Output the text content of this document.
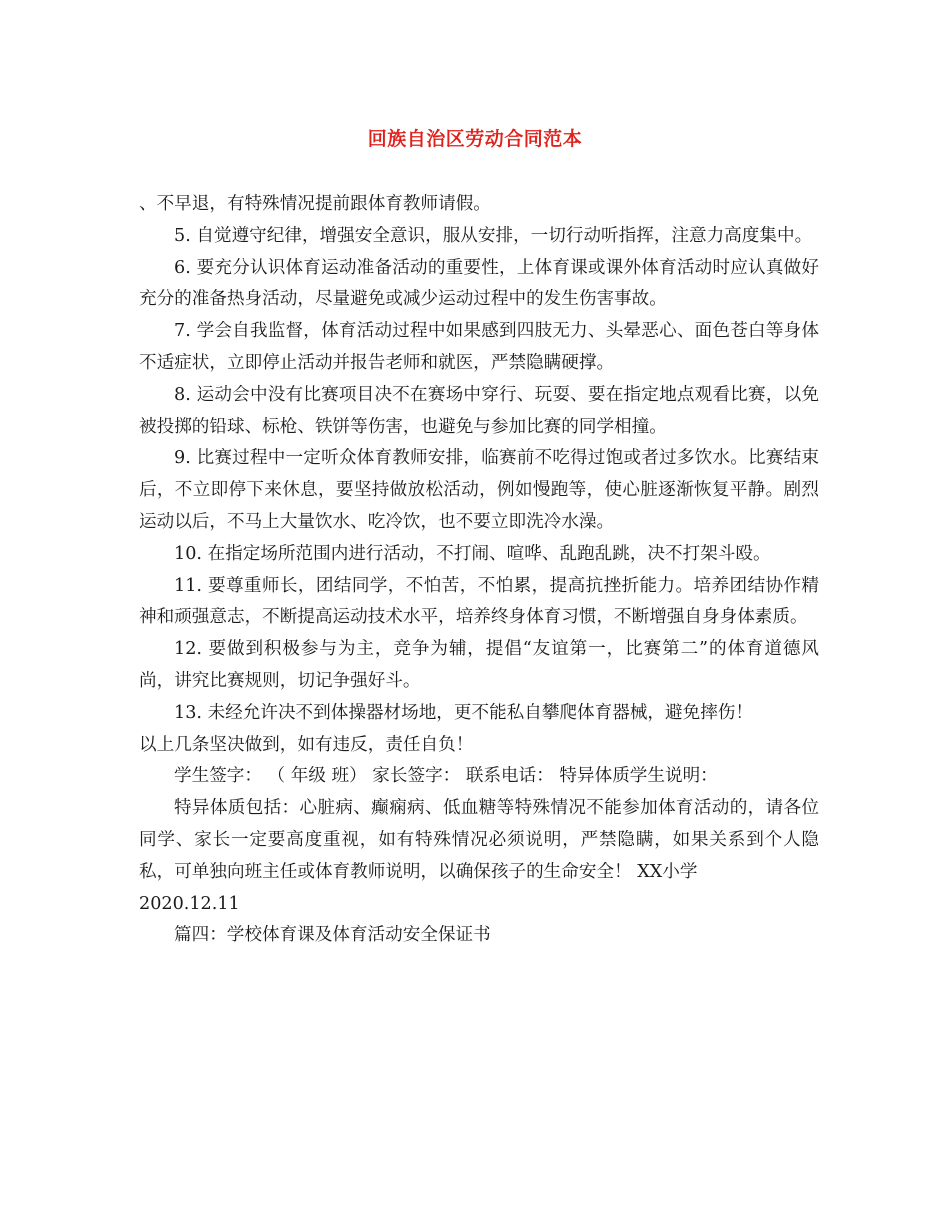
回族自治区劳动合同范本

、不早退，有特殊情况提前跟体育教师请假。

5. 自觉遵守纪律，增强安全意识，服从安排，一切行动听指挥，注意力高度集中。

6. 要充分认识体育运动准备活动的重要性，上体育课或课外体育活动时应认真做好充分的准备热身活动，尽量避免或减少运动过程中的发生伤害事故。

7. 学会自我监督，体育活动过程中如果感到四肢无力、头晕恶心、面色苍白等身体不适症状，立即停止活动并报告老师和就医，严禁隐瞒硬撑。

8. 运动会中没有比赛项目决不在赛场中穿行、玩耍、要在指定地点观看比赛，以免被投掷的铅球、标枪、铁饼等伤害，也避免与参加比赛的同学相撞。

9. 比赛过程中一定听众体育教师安排，临赛前不吃得过饱或者过多饮水。比赛结束后，不立即停下来休息，要坚持做放松活动，例如慢跑等，使心脏逐渐恢复平静。剧烈运动以后，不马上大量饮水、吃冷饮，也不要立即洗冷水澡。

10. 在指定场所范围内进行活动，不打闹、喧哗、乱跑乱跳，决不打架斗殴。

11. 要尊重师长，团结同学，不怕苦，不怕累，提高抗挫折能力。培养团结协作精神和顽强意志，不断提高运动技术水平，培养终身体育习惯，不断增强自身身体素质。

12. 要做到积极参与为主，竞争为辅，提倡“友谊第一，比赛第二”的体育道德风尚，讲究比赛规则，切记争强好斗。

13. 未经允许决不到体操器材场地，更不能私自攀爬体育器械，避免摔伤！

以上几条坚决做到，如有违反，责任自负！

学生签字： （ 年级 班） 家长签字： 联系电话： 特异体质学生说明：

特异体质包括：心脏病、癫痫病、低血糖等特殊情况不能参加体育活动的，请各位同学、家长一定要高度重视，如有特殊情况必须说明，严禁隐瞒，如果关系到个人隐私，可单独向班主任或体育教师说明，以确保孩子的生命安全！ XX小学

2020.12.11

篇四：学校体育课及体育活动安全保证书
